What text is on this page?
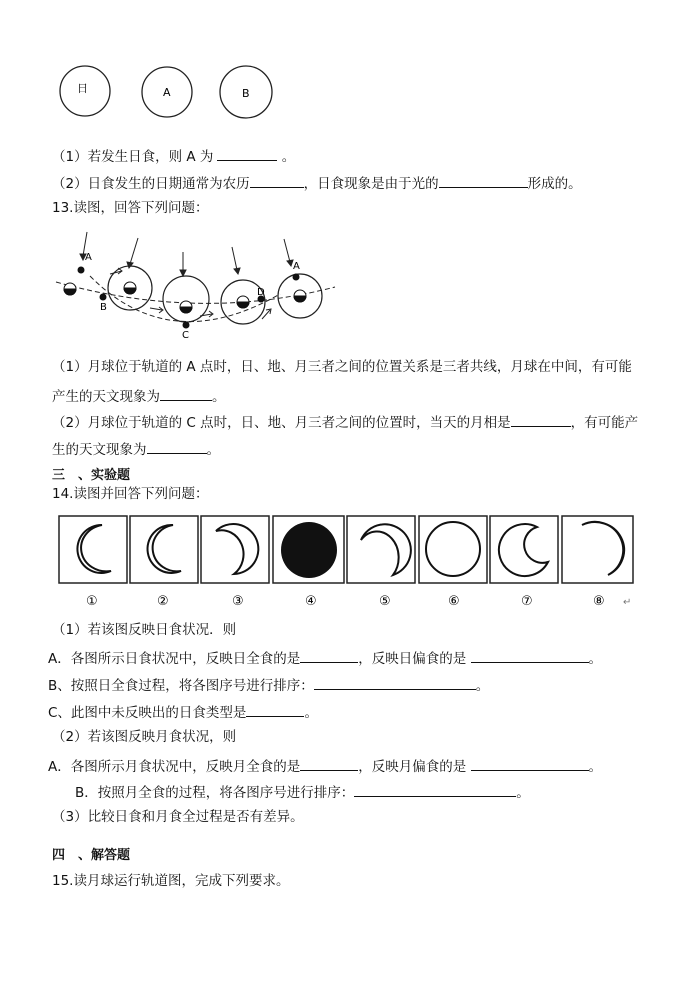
日	A	B
（1）若发生日食，则 A 为	。
（2）日食发生的日期通常为农历	，日食现象是由于光的	形成的。
13.读图，回答下列问题：
A
B
C
D
A
（1）月球位于轨道的 A 点时，日、地、月三者之间的位置关系是三者共线，月球在中间，有可能
产生的天文现象为	。
（2）月球位于轨道的 C 点时，日、地、月三者之间的位置时，当天的月相是	，有可能产
生的天文现象为	。
三　、实验题
14.读图并回答下列问题：
①	②	③	④	⑤	⑥	⑦	⑧ ↵
（1）若该图反映日食状况．则
A．各图所示日食状况中，反映日全食的是	，反映日偏食的是	。
B、按照日全食过程，将各图序号进行排序：	。
C、此图中未反映出的日食类型是	。
（2）若该图反映月食状况，则
A．各图所示月食状况中，反映月全食的是	，反映月偏食的是	。
B．按照月全食的过程，将各图序号进行排序：	。
（3）比较日食和月食全过程是否有差异。
四　、解答题
15.读月球运行轨道图，完成下列要求。
